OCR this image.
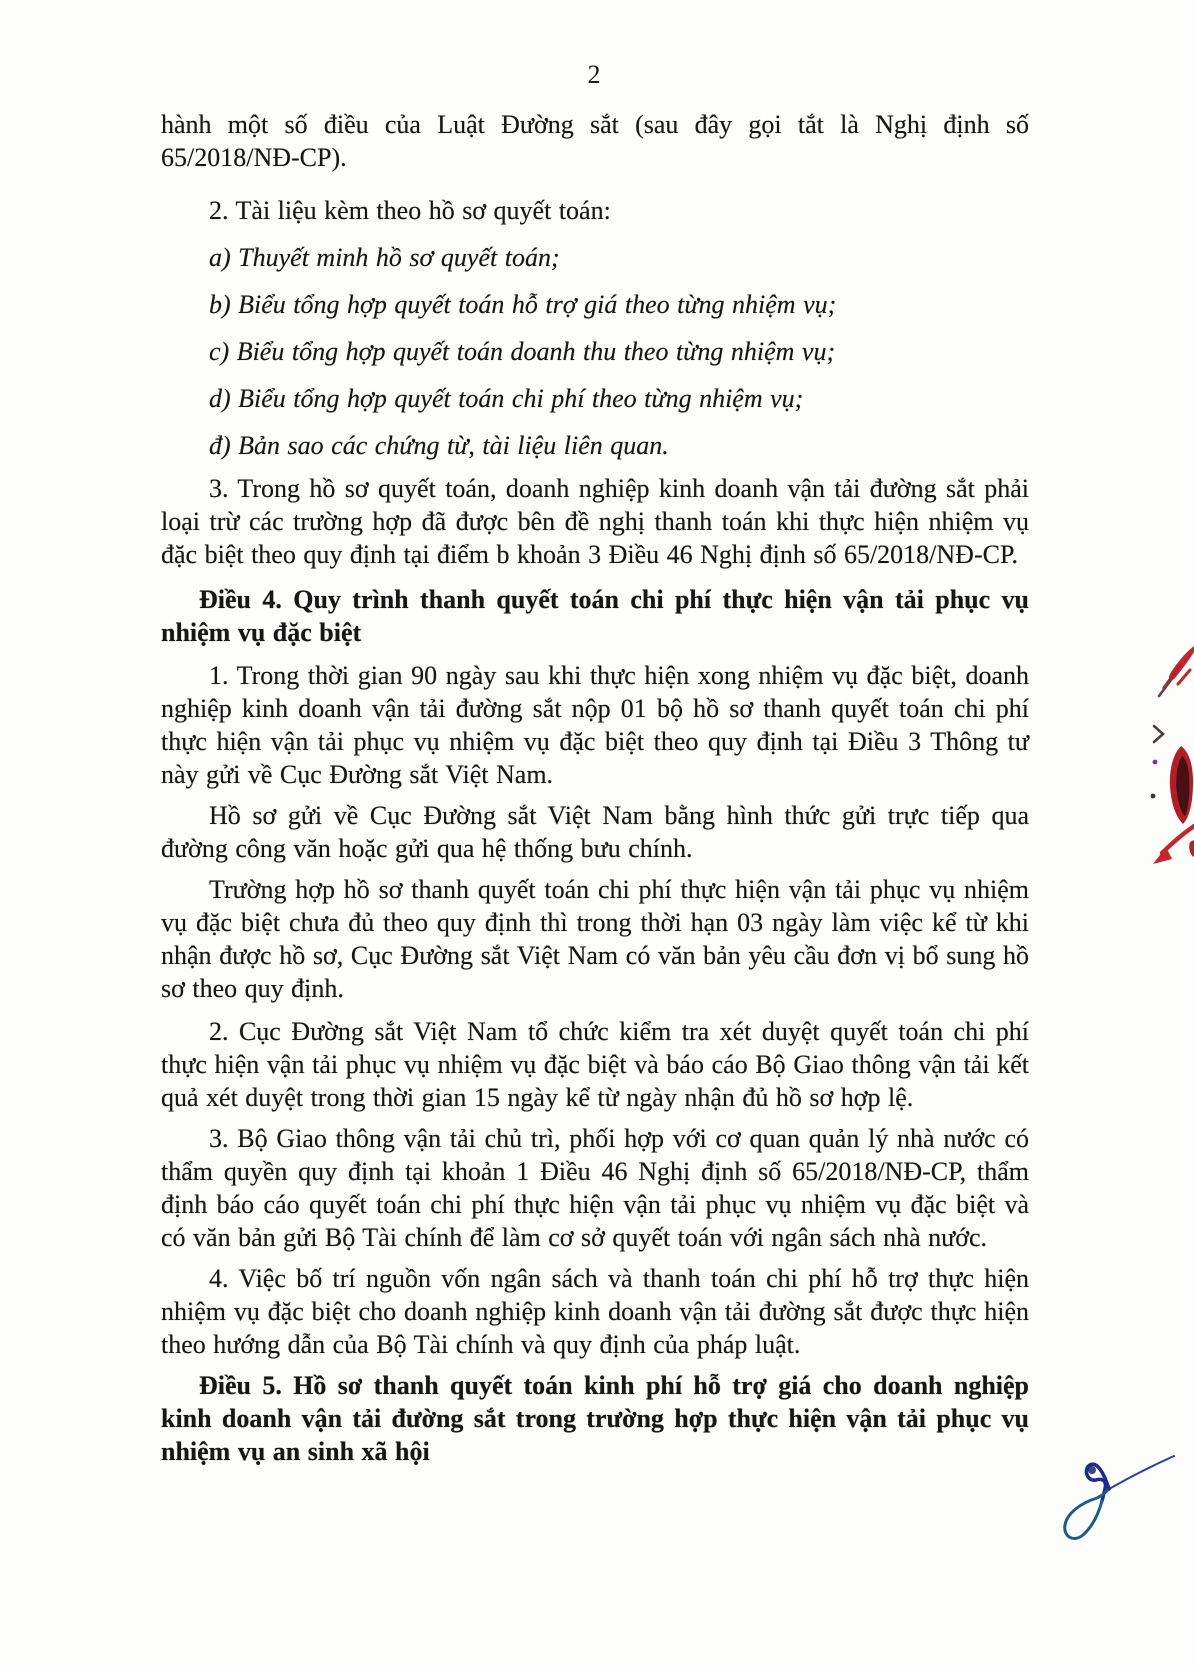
2

hành một số điều của Luật Đường sắt (sau đây gọi tắt là Nghị định số 65/2018/NĐ-CP).

2. Tài liệu kèm theo hồ sơ quyết toán:

a) Thuyết minh hồ sơ quyết toán;

b) Biểu tổng hợp quyết toán hỗ trợ giá theo từng nhiệm vụ;

c) Biểu tổng hợp quyết toán doanh thu theo từng nhiệm vụ;

d) Biểu tổng hợp quyết toán chi phí theo từng nhiệm vụ;

đ) Bản sao các chứng từ, tài liệu liên quan.

3. Trong hồ sơ quyết toán, doanh nghiệp kinh doanh vận tải đường sắt phải loại trừ các trường hợp đã được bên đề nghị thanh toán khi thực hiện nhiệm vụ đặc biệt theo quy định tại điểm b khoản 3 Điều 46 Nghị định số 65/2018/NĐ-CP.

Điều 4. Quy trình thanh quyết toán chi phí thực hiện vận tải phục vụ nhiệm vụ đặc biệt

1. Trong thời gian 90 ngày sau khi thực hiện xong nhiệm vụ đặc biệt, doanh nghiệp kinh doanh vận tải đường sắt nộp 01 bộ hồ sơ thanh quyết toán chi phí thực hiện vận tải phục vụ nhiệm vụ đặc biệt theo quy định tại Điều 3 Thông tư này gửi về Cục Đường sắt Việt Nam.

Hồ sơ gửi về Cục Đường sắt Việt Nam bằng hình thức gửi trực tiếp qua đường công văn hoặc gửi qua hệ thống bưu chính.

Trường hợp hồ sơ thanh quyết toán chi phí thực hiện vận tải phục vụ nhiệm vụ đặc biệt chưa đủ theo quy định thì trong thời hạn 03 ngày làm việc kể từ khi nhận được hồ sơ, Cục Đường sắt Việt Nam có văn bản yêu cầu đơn vị bổ sung hồ sơ theo quy định.

2. Cục Đường sắt Việt Nam tổ chức kiểm tra xét duyệt quyết toán chi phí thực hiện vận tải phục vụ nhiệm vụ đặc biệt và báo cáo Bộ Giao thông vận tải kết quả xét duyệt trong thời gian 15 ngày kể từ ngày nhận đủ hồ sơ hợp lệ.

3. Bộ Giao thông vận tải chủ trì, phối hợp với cơ quan quản lý nhà nước có thẩm quyền quy định tại khoản 1 Điều 46 Nghị định số 65/2018/NĐ-CP, thẩm định báo cáo quyết toán chi phí thực hiện vận tải phục vụ nhiệm vụ đặc biệt và có văn bản gửi Bộ Tài chính để làm cơ sở quyết toán với ngân sách nhà nước.

4. Việc bố trí nguồn vốn ngân sách và thanh toán chi phí hỗ trợ thực hiện nhiệm vụ đặc biệt cho doanh nghiệp kinh doanh vận tải đường sắt được thực hiện theo hướng dẫn của Bộ Tài chính và quy định của pháp luật.

Điều 5. Hồ sơ thanh quyết toán kinh phí hỗ trợ giá cho doanh nghiệp kinh doanh vận tải đường sắt trong trường hợp thực hiện vận tải phục vụ nhiệm vụ an sinh xã hội
